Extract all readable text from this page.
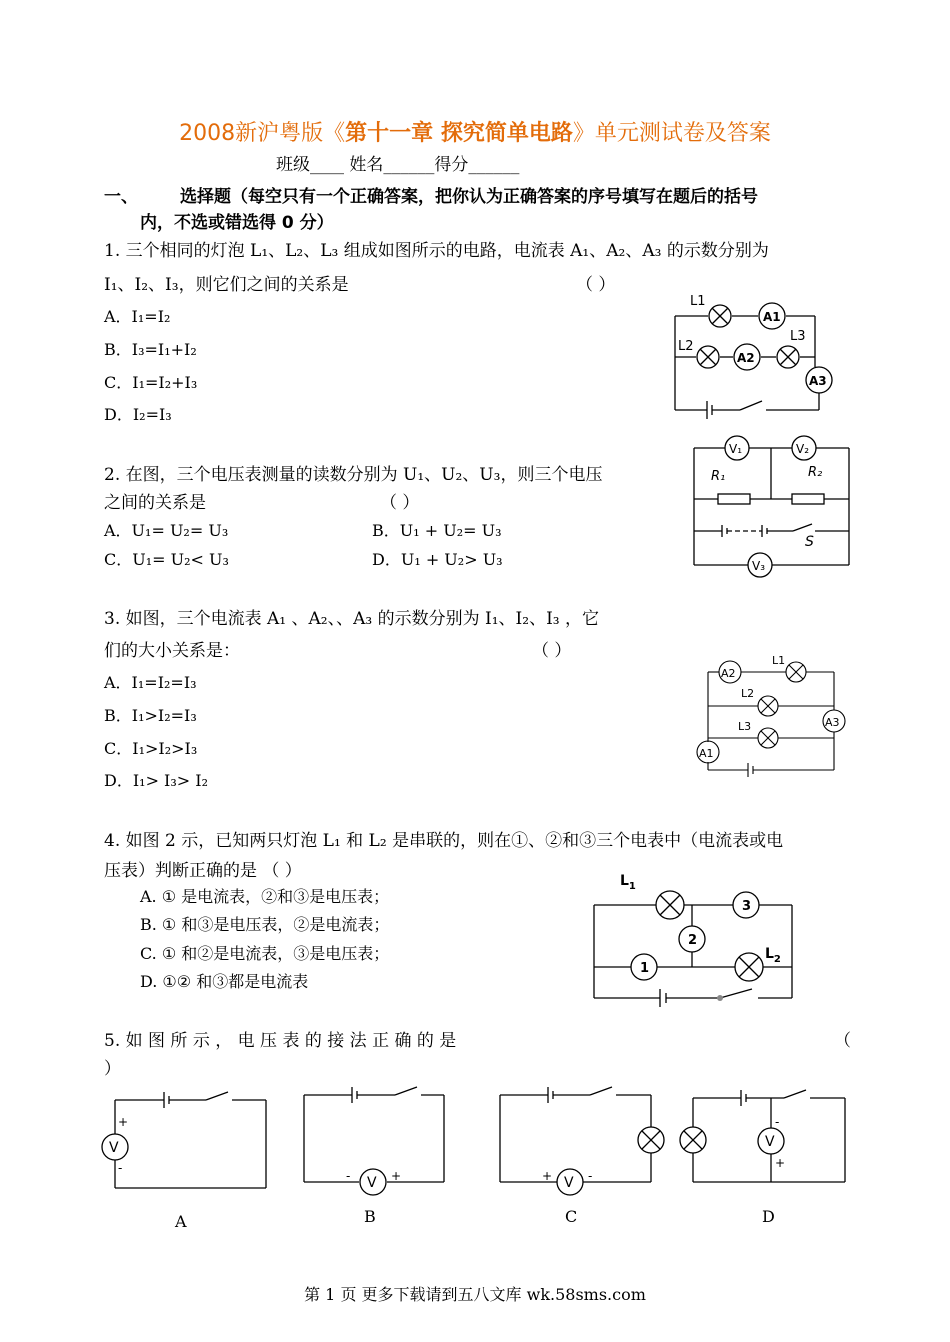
2008新沪粤版《第十一章 探究简单电路》单元测试卷及答案
班级____ 姓名______得分______
一、 选择题（每空只有一个正确答案，把你认为正确答案的序号填写在题后的括号
内，不选或错选得 0 分）
1. 三个相同的灯泡 L₁、L₂、L₃ 组成如图所示的电路，电流表 A₁、A₂、A₃ 的示数分别为
I₁、I₂、I₃，则它们之间的关系是	（ ）
A．I₁=I₂
B．I₃=I₁+I₂
C．I₁=I₂+I₃
D．I₂=I₃
L1
L2
L3
A1
A2
A3
2. 在图，三个电压表测量的读数分别为 U₁、U₂、U₃，则三个电压
之间的关系是	（ ）
A．U₁= U₂= U₃	B．U₁ + U₂= U₃
C．U₁= U₂< U₃	D．U₁ + U₂> U₃
V₁	V₂
V₃
R₁	R₂
S
3. 如图，三个电流表 A₁ 、A₂、、A₃ 的示数分别为 I₁、I₂、I₃ ，它
们的大小关系是：	（ ）
A．I₁=I₂=I₃
B．I₁>I₂=I₃
C．I₁>I₂>I₃
D．I₁> I₃> I₂
A2
A3
A1
L1
L2
L3
4. 如图 2 示，已知两只灯泡 L₁ 和 L₂ 是串联的，则在①、②和③三个电表中（电流表或电
压表）判断正确的是 （ ）
A. ① 是电流表，②和③是电压表；
B. ① 和③是电压表，②是电流表；
C. ① 和②是电流表，③是电压表；
D. ①② 和③都是电流表
$L_1$
$L_2$
1
2
3
5. 如 图 所 示 ， 电 压 表 的 接 法 正 确 的 是	（
）
V
+
-
V
-	+	V
+	-
V
-
+
A	B	C	D
第 1 页 更多下载请到五八文库 wk.58sms.com
